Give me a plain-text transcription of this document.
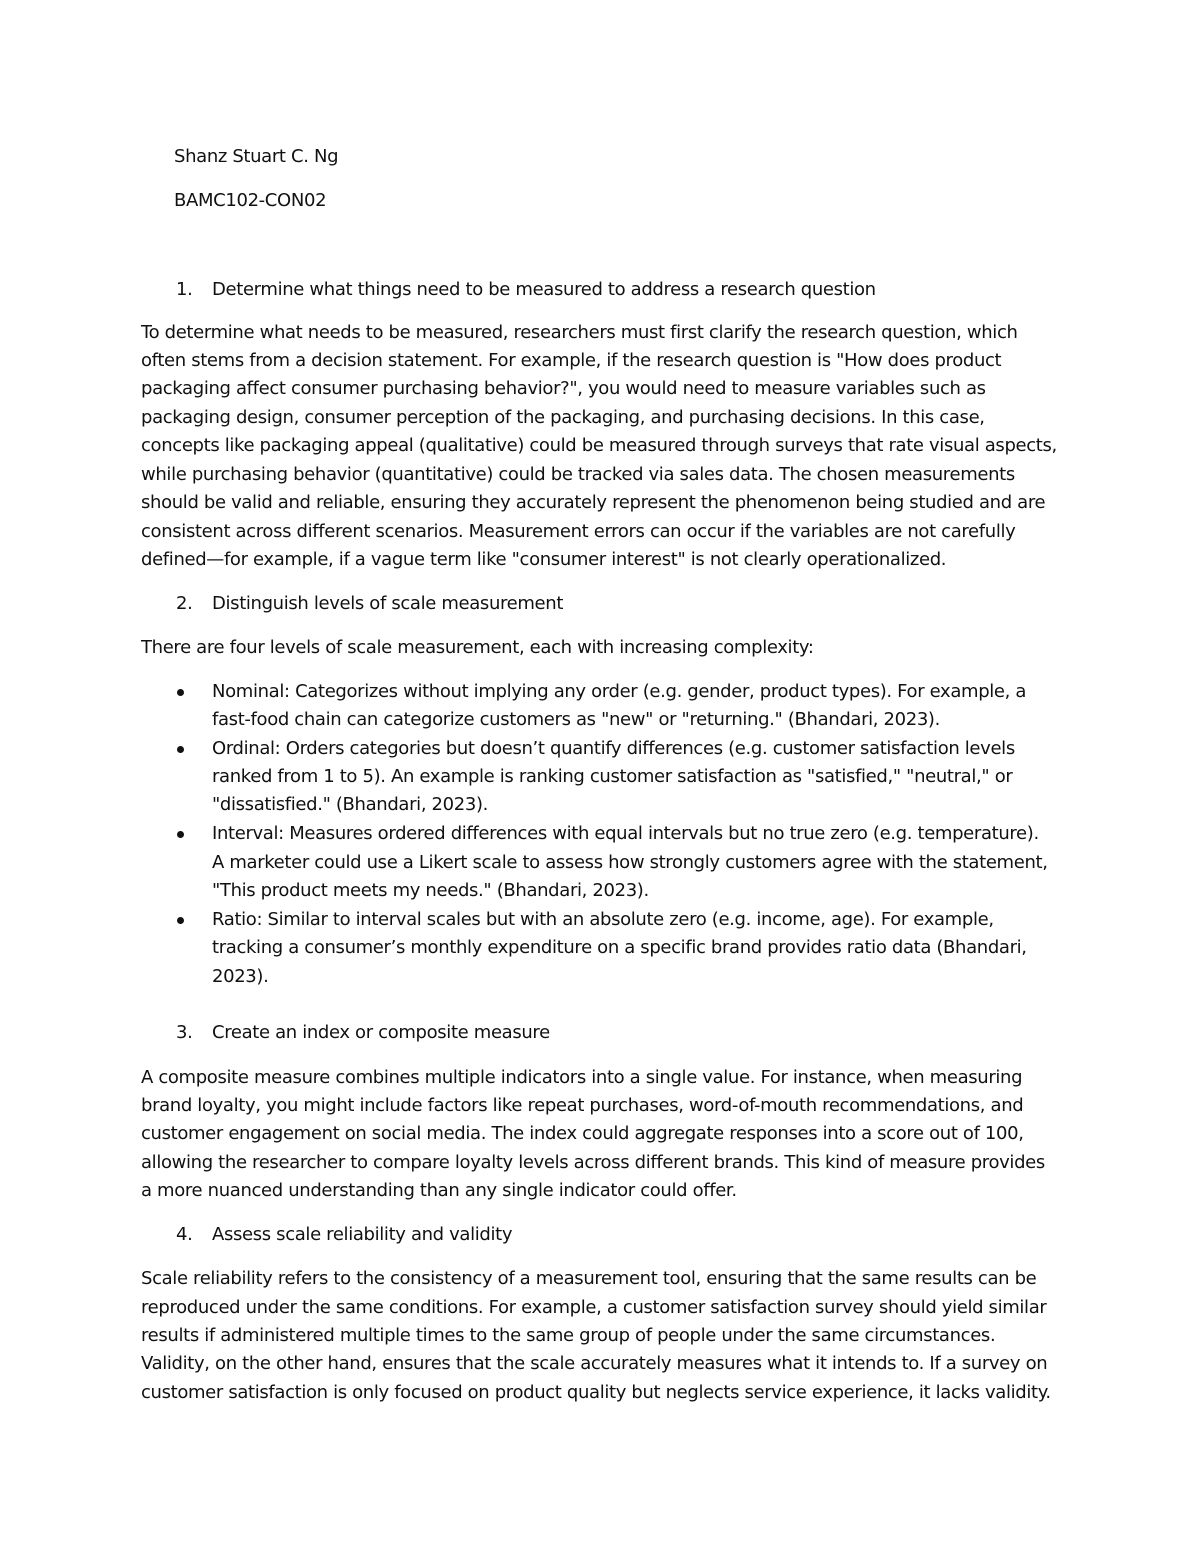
Shanz Stuart C. Ng
BAMC102-CON02
1. Determine what things need to be measured to address a research question
To determine what needs to be measured, researchers must first clarify the research question, which
often stems from a decision statement. For example, if the research question is "How does product
packaging affect consumer purchasing behavior?", you would need to measure variables such as
packaging design, consumer perception of the packaging, and purchasing decisions. In this case,
concepts like packaging appeal (qualitative) could be measured through surveys that rate visual aspects,
while purchasing behavior (quantitative) could be tracked via sales data. The chosen measurements
should be valid and reliable, ensuring they accurately represent the phenomenon being studied and are
consistent across different scenarios. Measurement errors can occur if the variables are not carefully
defined—for example, if a vague term like "consumer interest" is not clearly operationalized.
2. Distinguish levels of scale measurement
There are four levels of scale measurement, each with increasing complexity:
Nominal: Categorizes without implying any order (e.g. gender, product types). For example, a
fast-food chain can categorize customers as "new" or "returning." (Bhandari, 2023).
Ordinal: Orders categories but doesn’t quantify differences (e.g. customer satisfaction levels
ranked from 1 to 5). An example is ranking customer satisfaction as "satisfied," "neutral," or
"dissatisfied." (Bhandari, 2023).
Interval: Measures ordered differences with equal intervals but no true zero (e.g. temperature).
A marketer could use a Likert scale to assess how strongly customers agree with the statement,
"This product meets my needs." (Bhandari, 2023).
Ratio: Similar to interval scales but with an absolute zero (e.g. income, age). For example,
tracking a consumer’s monthly expenditure on a specific brand provides ratio data (Bhandari,
2023).
3. Create an index or composite measure
A composite measure combines multiple indicators into a single value. For instance, when measuring
brand loyalty, you might include factors like repeat purchases, word-of-mouth recommendations, and
customer engagement on social media. The index could aggregate responses into a score out of 100,
allowing the researcher to compare loyalty levels across different brands. This kind of measure provides
a more nuanced understanding than any single indicator could offer.
4. Assess scale reliability and validity
Scale reliability refers to the consistency of a measurement tool, ensuring that the same results can be
reproduced under the same conditions. For example, a customer satisfaction survey should yield similar
results if administered multiple times to the same group of people under the same circumstances.
Validity, on the other hand, ensures that the scale accurately measures what it intends to. If a survey on
customer satisfaction is only focused on product quality but neglects service experience, it lacks validity.
